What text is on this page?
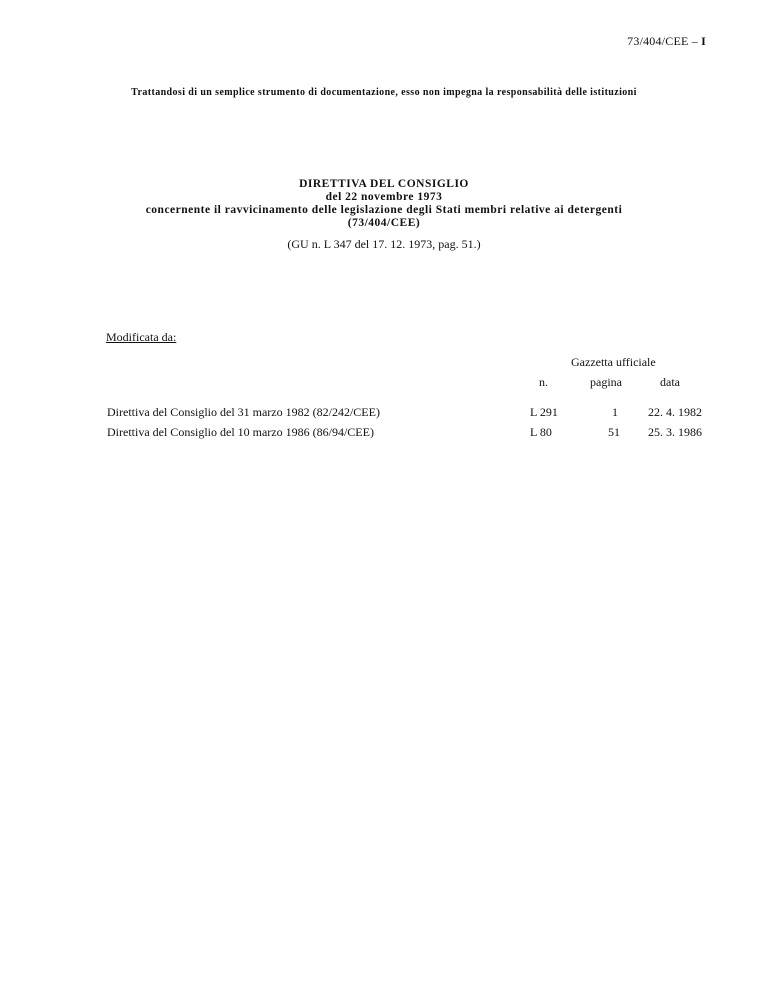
73/404/CEE – I
Trattandosi di un semplice strumento di documentazione, esso non impegna la responsabilità delle istituzioni
DIRETTIVA DEL CONSIGLIO
del 22 novembre 1973
concernente il ravvicinamento delle legislazione degli Stati membri relative ai detergenti
(73/404/CEE)
(GU n. L 347 del 17. 12. 1973, pag. 51.)
Modificata da:
Gazzetta ufficiale
n.	pagina	data
Direttiva del Consiglio del 31 marzo 1982 (82/242/CEE)	L 291	1	22. 4. 1982
Direttiva del Consiglio del 10 marzo 1986 (86/94/CEE)	L 80	51	25. 3. 1986
